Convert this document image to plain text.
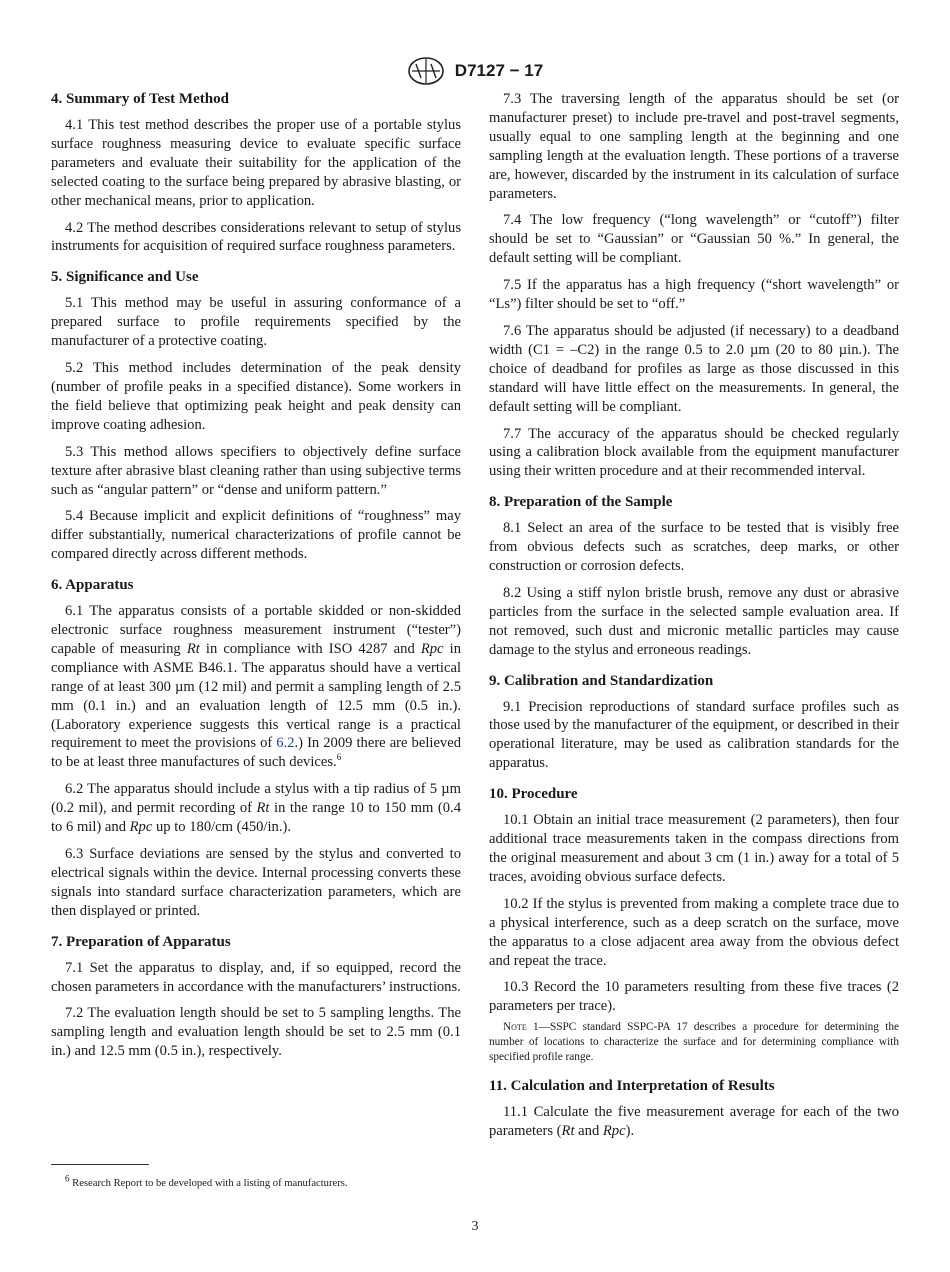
D7127 − 17
4. Summary of Test Method

4.1 This test method describes the proper use of a portable stylus surface roughness measuring device to evaluate specific surface parameters and evaluate their suitability for the application of the selected coating to the surface being prepared by abrasive blasting, or other mechanical means, prior to application.

4.2 The method describes considerations relevant to setup of stylus instruments for acquisition of required surface roughness parameters.

5. Significance and Use

5.1 This method may be useful in assuring conformance of a prepared surface to profile requirements specified by the manufacturer of a protective coating.

5.2 This method includes determination of the peak density (number of profile peaks in a specified distance). Some workers in the field believe that optimizing peak height and peak density can improve coating adhesion.

5.3 This method allows specifiers to objectively define surface texture after abrasive blast cleaning rather than using subjective terms such as “angular pattern” or “dense and uniform pattern.”

5.4 Because implicit and explicit definitions of “roughness” may differ substantially, numerical characterizations of profile cannot be compared directly across different methods.

6. Apparatus

6.1 The apparatus consists of a portable skidded or non-skidded electronic surface roughness measurement instrument (“tester”) capable of measuring Rt in compliance with ISO 4287 and Rpc in compliance with ASME B46.1. The apparatus should have a vertical range of at least 300 µm (12 mil) and permit a sampling length of 2.5 mm (0.1 in.) and an evaluation length of 12.5 mm (0.5 in.). (Laboratory experience suggests this vertical range is a practical requirement to meet the provisions of 6.2.) In 2009 there are believed to be at least three manufactures of such devices.$^6$

6.2 The apparatus should include a stylus with a tip radius of 5 µm (0.2 mil), and permit recording of Rt in the range 10 to 150 mm (0.4 to 6 mil) and Rpc up to 180/cm (450/in.).

6.3 Surface deviations are sensed by the stylus and converted to electrical signals within the device. Internal processing converts these signals into standard surface characterization parameters, which are then displayed or printed.

7. Preparation of Apparatus

7.1 Set the apparatus to display, and, if so equipped, record the chosen parameters in accordance with the manufacturers’ instructions.

7.2 The evaluation length should be set to 5 sampling lengths. The sampling length and evaluation length should be set to 2.5 mm (0.1 in.) and 12.5 mm (0.5 in.), respectively.

7.3 The traversing length of the apparatus should be set (or manufacturer preset) to include pre-travel and post-travel segments, usually equal to one sampling length at the beginning and one sampling length at the evaluation length. These portions of a traverse are, however, discarded by the instrument in its calculation of surface parameters.

7.4 The low frequency (“long wavelength” or “cutoff”) filter should be set to “Gaussian” or “Gaussian 50 %.” In general, the default setting will be compliant.

7.5 If the apparatus has a high frequency (“short wavelength” or “Ls”) filter should be set to “off.”

7.6 The apparatus should be adjusted (if necessary) to a deadband width (C1 = –C2) in the range 0.5 to 2.0 µm (20 to 80 µin.). The choice of deadband for profiles as large as those discussed in this standard will have little effect on the measurements. In general, the default setting will be compliant.

7.7 The accuracy of the apparatus should be checked regularly using a calibration block available from the equipment manufacturer using their written procedure and at their recommended interval.

8. Preparation of the Sample

8.1 Select an area of the surface to be tested that is visibly free from obvious defects such as scratches, deep marks, or other construction or corrosion defects.

8.2 Using a stiff nylon bristle brush, remove any dust or abrasive particles from the surface in the selected sample evaluation area. If not removed, such dust and micronic metallic particles may cause damage to the stylus and erroneous readings.

9. Calibration and Standardization

9.1 Precision reproductions of standard surface profiles such as those used by the manufacturer of the equipment, or described in their operational literature, may be used as calibration standards for the apparatus.

10. Procedure

10.1 Obtain an initial trace measurement (2 parameters), then four additional trace measurements taken in the compass directions from the original measurement and about 3 cm (1 in.) away for a total of 5 traces, avoiding obvious surface defects.

10.2 If the stylus is prevented from making a complete trace due to a physical interference, such as a deep scratch on the surface, move the apparatus to a close adjacent area away from the obvious defect and repeat the trace.

10.3 Record the 10 parameters resulting from these five traces (2 parameters per trace).

Note 1—SSPC standard SSPC-PA 17 describes a procedure for determining the number of locations to characterize the surface and for determining compliance with specified profile range.
11. Calculation and Interpretation of Results

11.1 Calculate the five measurement average for each of the two parameters (Rt and Rpc).

$^6$ Research Report to be developed with a listing of manufacturers.
3
